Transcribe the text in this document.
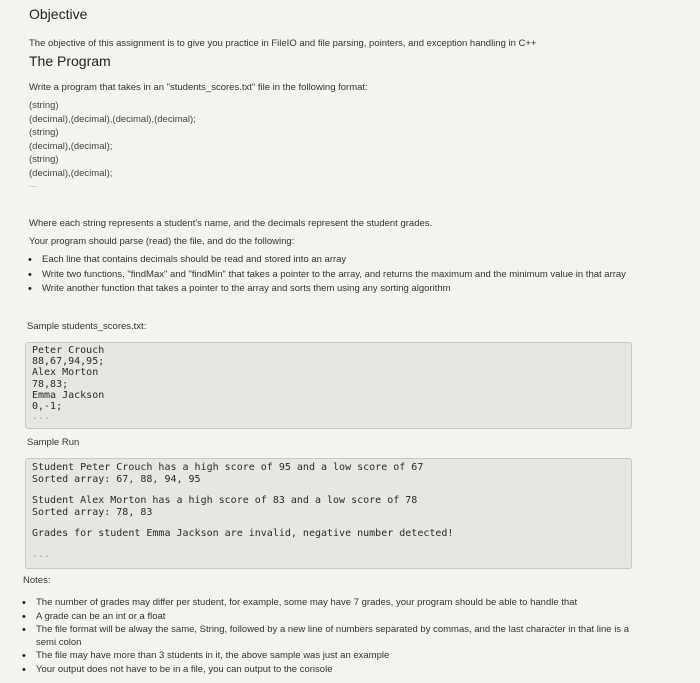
Objective
The objective of this assignment is to give you practice in FileIO and file parsing, pointers, and exception handling in C++
The Program
Write a program that takes in an "students_scores.txt" file in the following format:
(string)
(decimal),(decimal),(decimal),(decimal);
(string)
(decimal),(decimal);
(string)
(decimal),(decimal);
...
Where each string represents a student's name, and the decimals represent the student grades.
Your program should parse (read) the file, and do the following:
• Each line that contains decimals should be read and stored into an array
• Write two functions, "findMax" and "findMin" that takes a pointer to the array, and returns the maximum and the minimum value in that array
• Write another function that takes a pointer to the array and sorts them using any sorting algorithm
Sample students_scores.txt:
Peter Crouch
88,67,94,95;
Alex Morton
78,83;
Emma Jackson
0,-1;
...
Sample Run
Student Peter Crouch has a high score of 95 and a low score of 67
Sorted array: 67, 88, 94, 95
Student Alex Morton has a high score of 83 and a low score of 78
Sorted array: 78, 83
Grades for student Emma Jackson are invalid, negative number detected!
...
Notes:
• The number of grades may differ per student, for example, some may have 7 grades, your program should be able to handle that
• A grade can be an int or a float
• The file format will be alway the same, String, followed by a new line of numbers separated by commas, and the last character in that line is a semi colon
• The file may have more than 3 students in it, the above sample was just an example
• Your output does not have to be in a file, you can output to the console
